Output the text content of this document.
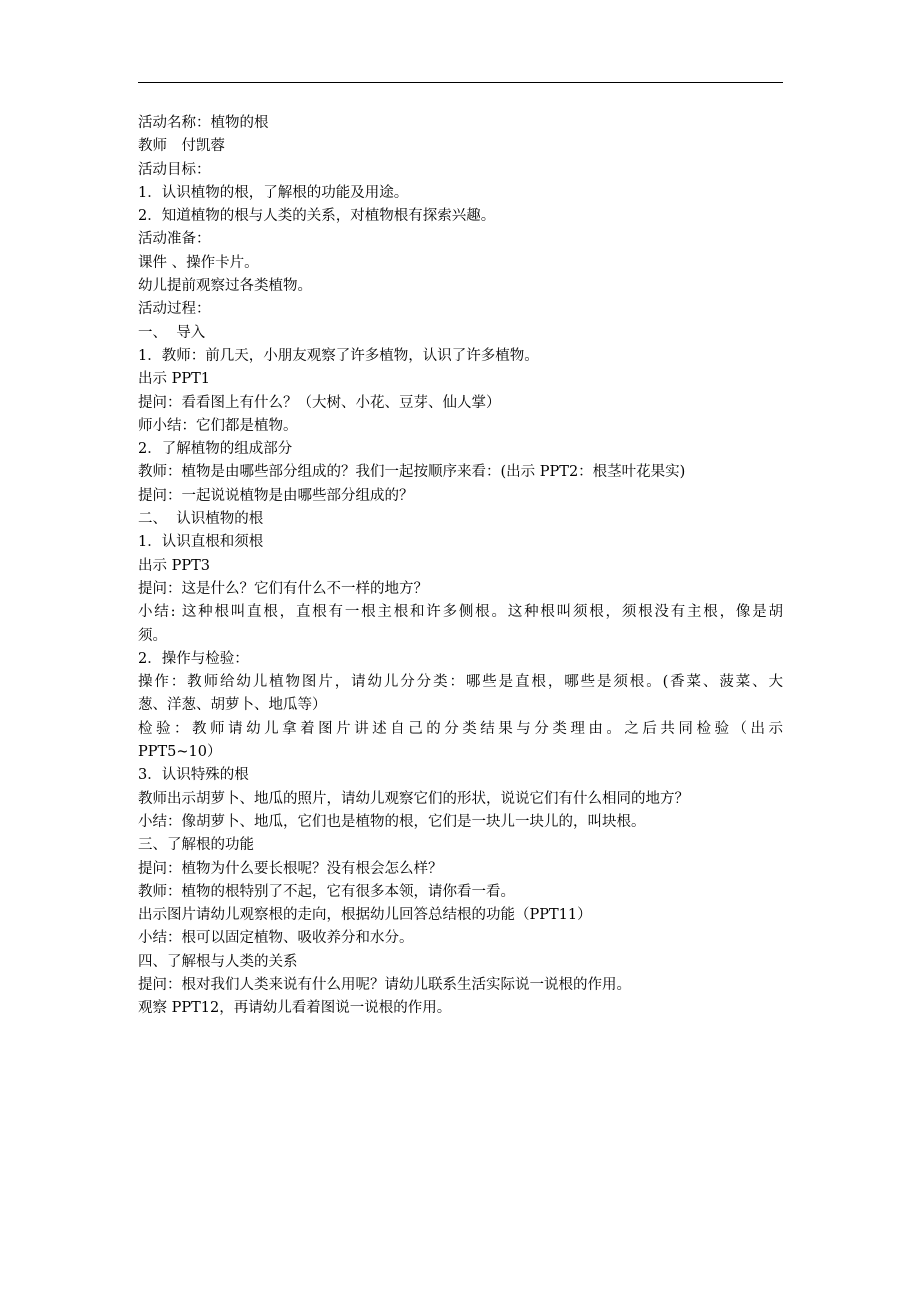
活动名称：植物的根
教师　付凯蓉
活动目标：
1．认识植物的根，了解根的功能及用途。
2．知道植物的根与人类的关系，对植物根有探索兴趣。
活动准备：
课件 、操作卡片。
幼儿提前观察过各类植物。
活动过程：
一、  导入
1．教师：前几天，小朋友观察了许多植物，认识了许多植物。
出示 PPT1
提问：看看图上有什么？（大树、小花、豆芽、仙人掌）
师小结：它们都是植物。
2．了解植物的组成部分
教师：植物是由哪些部分组成的？我们一起按顺序来看：(出示 PPT2：根茎叶花果实)
提问：一起说说植物是由哪些部分组成的？
二、  认识植物的根
1．认识直根和须根
出示 PPT3
提问：这是什么？它们有什么不一样的地方？
小结: 这种根叫直根，直根有一根主根和许多侧根。这种根叫须根，须根没有主根，像是胡
须。
2．操作与检验：
操作：教师给幼儿植物图片，请幼儿分分类：哪些是直根，哪些是须根。(香菜、菠菜、大
葱、洋葱、胡萝卜、地瓜等）
检验：教师请幼儿拿着图片讲述自己的分类结果与分类理由。之后共同检验（出示
PPT5~10）
3．认识特殊的根
教师出示胡萝卜、地瓜的照片，请幼儿观察它们的形状，说说它们有什么相同的地方？
小结：像胡萝卜、地瓜，它们也是植物的根，它们是一块儿一块儿的，叫块根。
三、了解根的功能
提问：植物为什么要长根呢？没有根会怎么样？
教师：植物的根特别了不起，它有很多本领，请你看一看。
出示图片请幼儿观察根的走向，根据幼儿回答总结根的功能（PPT11）
小结：根可以固定植物、吸收养分和水分。
四、了解根与人类的关系
提问：根对我们人类来说有什么用呢？请幼儿联系生活实际说一说根的作用。
观察 PPT12，再请幼儿看着图说一说根的作用。
